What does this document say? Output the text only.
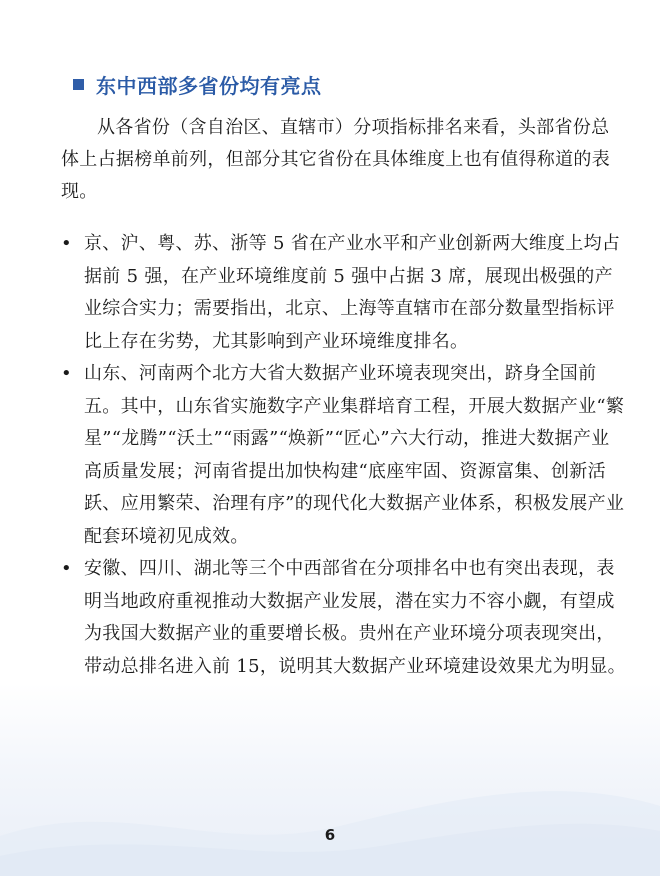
东中西部多省份均有亮点

从各省份（含自治区、直辖市）分项指标排名来看，头部省份总体上占据榜单前列，但部分其它省份在具体维度上也有值得称道的表现。

• 京、沪、粤、苏、浙等 5 省在产业水平和产业创新两大维度上均占据前 5 强，在产业环境维度前 5 强中占据 3 席，展现出极强的产业综合实力；需要指出，北京、上海等直辖市在部分数量型指标评比上存在劣势，尤其影响到产业环境维度排名。
• 山东、河南两个北方大省大数据产业环境表现突出，跻身全国前五。其中，山东省实施数字产业集群培育工程，开展大数据产业“繁星”“龙腾”“沃土”“雨露”“焕新”“匠心”六大行动，推进大数据产业高质量发展；河南省提出加快构建“底座牢固、资源富集、创新活跃、应用繁荣、治理有序”的现代化大数据产业体系，积极发展产业配套环境初见成效。
• 安徽、四川、湖北等三个中西部省在分项排名中也有突出表现，表明当地政府重视推动大数据产业发展，潜在实力不容小觑，有望成为我国大数据产业的重要增长极。贵州在产业环境分项表现突出，带动总排名进入前 15，说明其大数据产业环境建设效果尤为明显。
6
